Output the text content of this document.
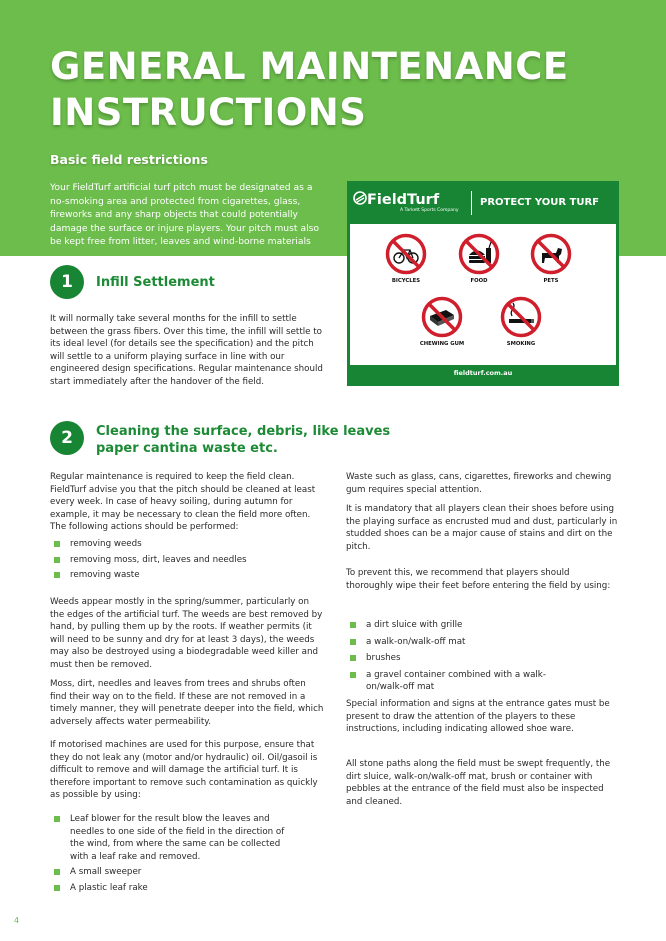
GENERAL MAINTENANCE
INSTRUCTIONS
Basic field restrictions

Your FieldTurf artificial turf pitch must be designated as a no-smoking area and protected from cigarettes, glass, fireworks and any sharp objects that could potentially damage the surface or injure players. Your pitch must also be kept free from litter, leaves and wind-borne materials

FieldTurf
A Tarkett Sports Company
PROTECT YOUR TURF
BICYCLES	FOOD	PETS
CHEWING GUM	SMOKING
fieldturf.com.au
1	Infill Settlement

It will normally take several months for the infill to settle between the grass fibers. Over this time, the infill will settle to its ideal level (for details see the specification) and the pitch will settle to a uniform playing surface in line with our engineered design specifications. Regular maintenance should start immediately after the handover of the field.

2	Cleaning the surface, debris, like leaves
paper cantina waste etc.

Regular maintenance is required to keep the field clean. FieldTurf advise you that the pitch should be cleaned at least every week. In case of heavy soiling, during autumn for example, it may be necessary to clean the field more often. The following actions should be performed:

removing weeds
removing moss, dirt, leaves and needles
removing waste

Weeds appear mostly in the spring/summer, particularly on the edges of the artificial turf. The weeds are best removed by hand, by pulling them up by the roots. If weather permits (it will need to be sunny and dry for at least 3 days), the weeds may also be destroyed using a biodegradable weed killer and must then be removed.

Moss, dirt, needles and leaves from trees and shrubs often find their way on to the field. If these are not removed in a timely manner, they will penetrate deeper into the field, which adversely affects water permeability.

If motorised machines are used for this purpose, ensure that they do not leak any (motor and/or hydraulic) oil. Oil/gasoil is difficult to remove and will damage the artificial turf. It is therefore important to remove such contamination as quickly as possible by using:

Leaf blower for the result blow the leaves and needles to one side of the field in the direction of the wind, from where the same can be collected with a leaf rake and removed.
A small sweeper
A plastic leaf rake

Waste such as glass, cans, cigarettes, fireworks and chewing gum requires special attention.

It is mandatory that all players clean their shoes before using the playing surface as encrusted mud and dust, particularly in studded shoes can be a major cause of stains and dirt on the pitch.

To prevent this, we recommend that players should thoroughly wipe their feet before entering the field by using:

a dirt sluice with grille
a walk-on/walk-off mat
brushes
a gravel container combined with a walk-on/walk-off mat

Special information and signs at the entrance gates must be present to draw the attention of the players to these instructions, including indicating allowed shoe ware.

All stone paths along the field must be swept frequently, the dirt sluice, walk-on/walk-off mat, brush or container with pebbles at the entrance of the field must also be inspected and cleaned.

4
